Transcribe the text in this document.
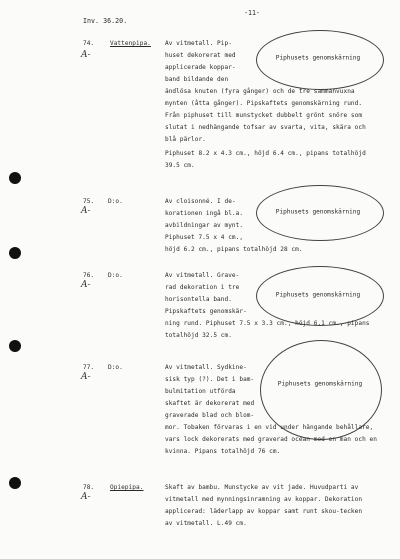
Inv. 36.20.
-11-
74.	Vattenpipa.
A-	Piphusets genomskärning
Av vitmetall. Pip-
huset dekorerat med
applicerade koppar-
band bildande den
ändlösa knuten (fyra gånger) och de tre sammanvuxna
mynten (åtta gånger). Pipskaftets genomskärning rund.
Från piphuset till munstycket dubbelt grönt snöre som
slutat i nedhängande tofsar av svarta, vita, skära och
blå pärlor.
Piphuset 8.2 x 4.3 cm., höjd 6.4 cm., pipans totalhöjd
39.5 cm.
75. D:o.
A-	Piphusets genomskärning
Av cloisonné. I de-
korationen ingå bl.a.
avbildningar av mynt.
Piphuset 7.5 x 4 cm.,
höjd 6.2 cm., pipans totalhöjd 28 cm.
76. D:o.
A-
Piphusets genomskärning
Av vitmetall. Grave-
rad dekoration i tre
horisontella band.
Pipskaftets genomskär-
ning rund. Piphuset 7.5 x 3.3 cm., höjd 6.1 cm., pipans
totalhöjd 32.5 cm.
77. D:o.
A-
Piphusets genomskärning
Av vitmetall. Sydkine-
sisk typ (?). Det i bam-
bulmitation utförda
skaftet är dekorerat med
graverade blad och blom-
mor. Tobaken förvaras i en vid under hängande behållare,
vars lock dekorerats med graverad ocean med en man och en
kvinna. Pipans totalhöjd 76 cm.
78.	Opiepipa.
A-
Skaft av bambu. Munstycke av vit jade. Huvudparti av
vitmetall med mynningsinramning av koppar. Dekoration
applicerad: läderlapp av koppar samt runt skou-tecken
av vitmetall. L.49 cm.
